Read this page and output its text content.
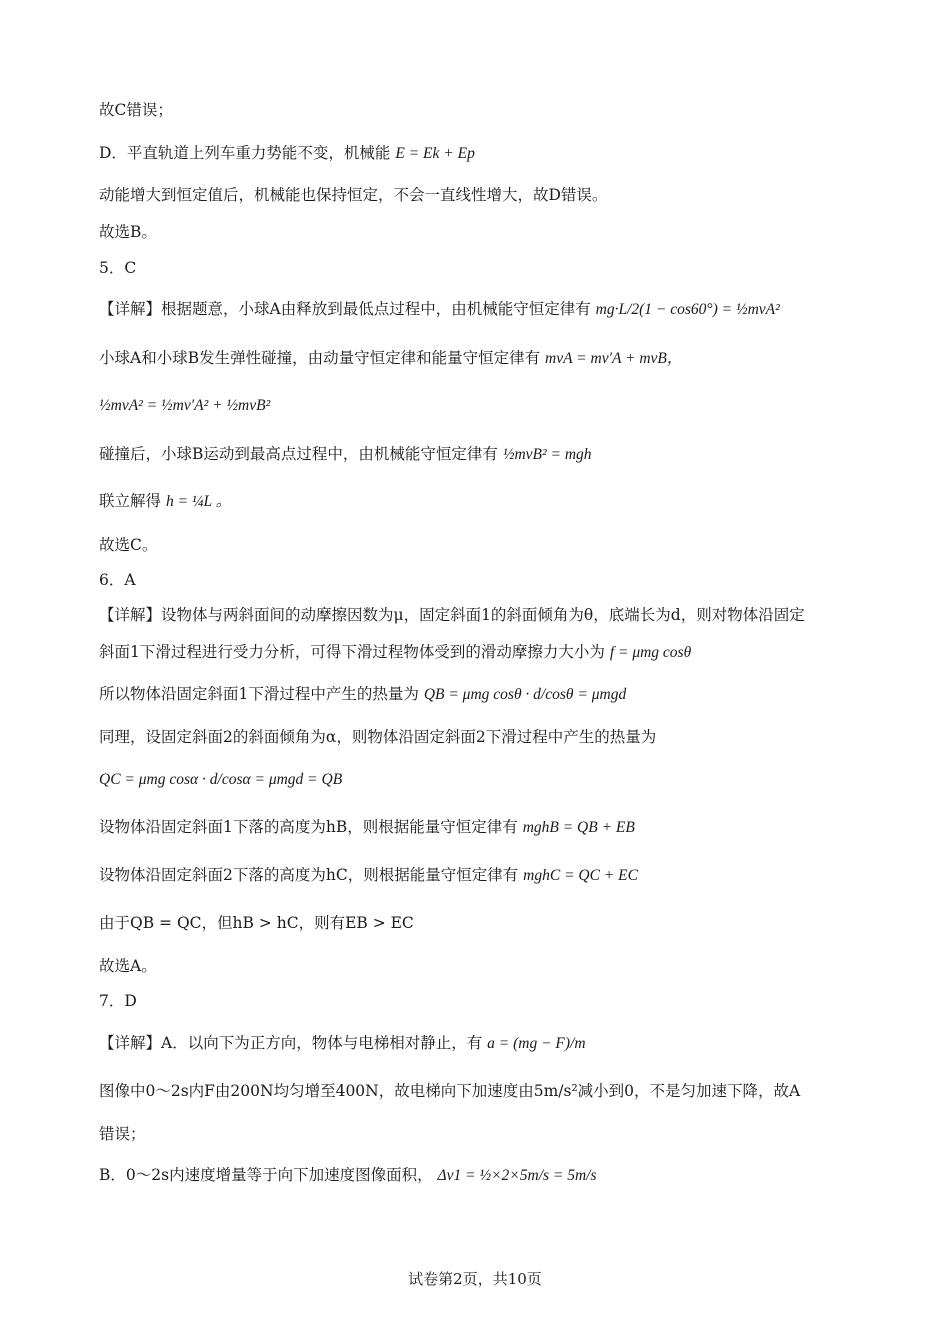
故C错误；
D．平直轨道上列车重力势能不变，机械能 E = Ek + Ep
动能增大到恒定值后，机械能也保持恒定，不会一直线性增大，故D错误。
故选B。
5．C
【详解】根据题意，小球A由释放到最低点过程中，由机械能守恒定律有 mg·L/2(1 − cos60°) = ½mvA²
小球A和小球B发生弹性碰撞，由动量守恒定律和能量守恒定律有 mvA = mv′A + mvB，
½mvA² = ½mv′A² + ½mvB²
碰撞后，小球B运动到最高点过程中，由机械能守恒定律有 ½mvB² = mgh
联立解得 h = ¼L 。
故选C。
6．A
【详解】设物体与两斜面间的动摩擦因数为μ，固定斜面1的斜面倾角为θ，底端长为d，则对物体沿固定
斜面1下滑过程进行受力分析，可得下滑过程物体受到的滑动摩擦力大小为 f = μmg cosθ
所以物体沿固定斜面1下滑过程中产生的热量为 QB = μmg cosθ · d/cosθ = μmgd
同理，设固定斜面2的斜面倾角为α，则物体沿固定斜面2下滑过程中产生的热量为
QC = μmg cosα · d/cosα = μmgd = QB
设物体沿固定斜面1下落的高度为hB，则根据能量守恒定律有 mghB = QB + EB
设物体沿固定斜面2下落的高度为hC，则根据能量守恒定律有 mghC = QC + EC
由于QB = QC，但hB > hC，则有EB > EC
故选A。
7．D
【详解】A．以向下为正方向，物体与电梯相对静止，有 a = (mg − F)/m
图像中0～2s内F由200N均匀增至400N，故电梯向下加速度由5m/s²减小到0，不是匀加速下降，故A
错误；
B．0～2s内速度增量等于向下加速度图像面积， Δv1 = ½×2×5m/s = 5m/s
试卷第2页，共10页
